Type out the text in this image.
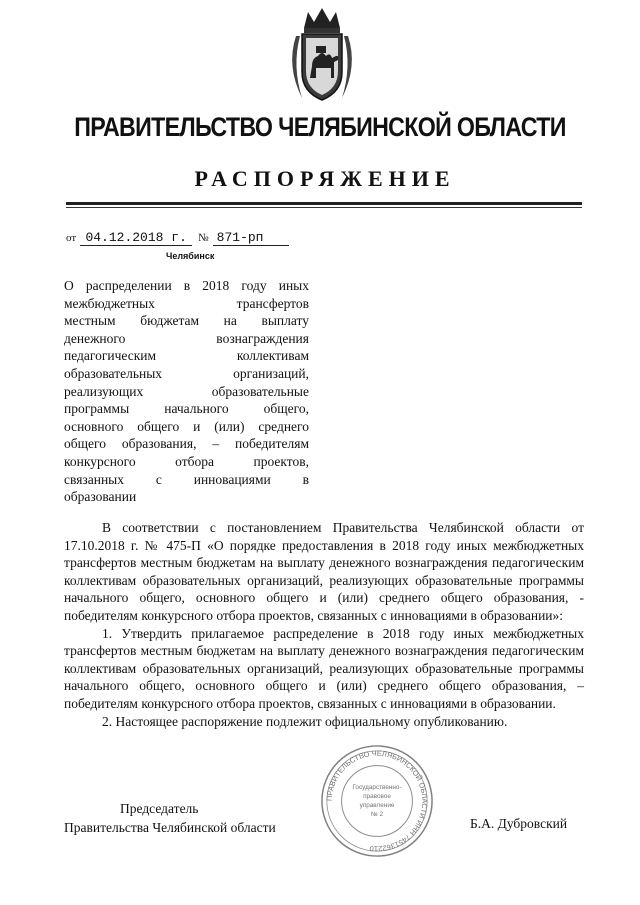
ПРАВИТЕЛЬСТВО ЧЕЛЯБИНСКОЙ ОБЛАСТИ
РАСПОРЯЖЕНИЕ
от 04.12.2018 г. № 871-рп
Челябинск
О распределении в 2018 году иных
межбюджетных трансфертов
местным бюджетам на выплату
денежного вознаграждения
педагогическим коллективам
образовательных организаций,
реализующих образовательные
программы начального общего,
основного общего и (или) среднего
общего образования, – победителям
конкурсного отбора проектов,
связанных с инновациями в
образовании

В соответствии с постановлением Правительства Челябинской области от 17.10.2018 г. № 475-П «О порядке предоставления в 2018 году иных межбюджетных трансфертов местным бюджетам на выплату денежного вознаграждения педагогическим коллективам образовательных организаций, реализующих образовательные программы начального общего, основного общего и (или) среднего общего образования, - победителям конкурсного отбора проектов, связанных с инновациями в образовании»:

1. Утвердить прилагаемое распределение в 2018 году иных межбюджетных трансфертов местным бюджетам на выплату денежного вознаграждения педагогическим коллективам образовательных организаций, реализующих образовательные программы начального общего, основного общего и (или) среднего общего образования, – победителям конкурсного отбора проектов, связанных с инновациями в образовании.

2. Настоящее распоряжение подлежит официальному опубликованию.

Председатель
Правительства Челябинской области	Б.А. Дубровский
ПРАВИТЕЛЬСТВО ЧЕЛЯБИНСКОЙ ОБЛАСТИ ИНН 7451362210
Государственно-
правовое
управление
№ 2
